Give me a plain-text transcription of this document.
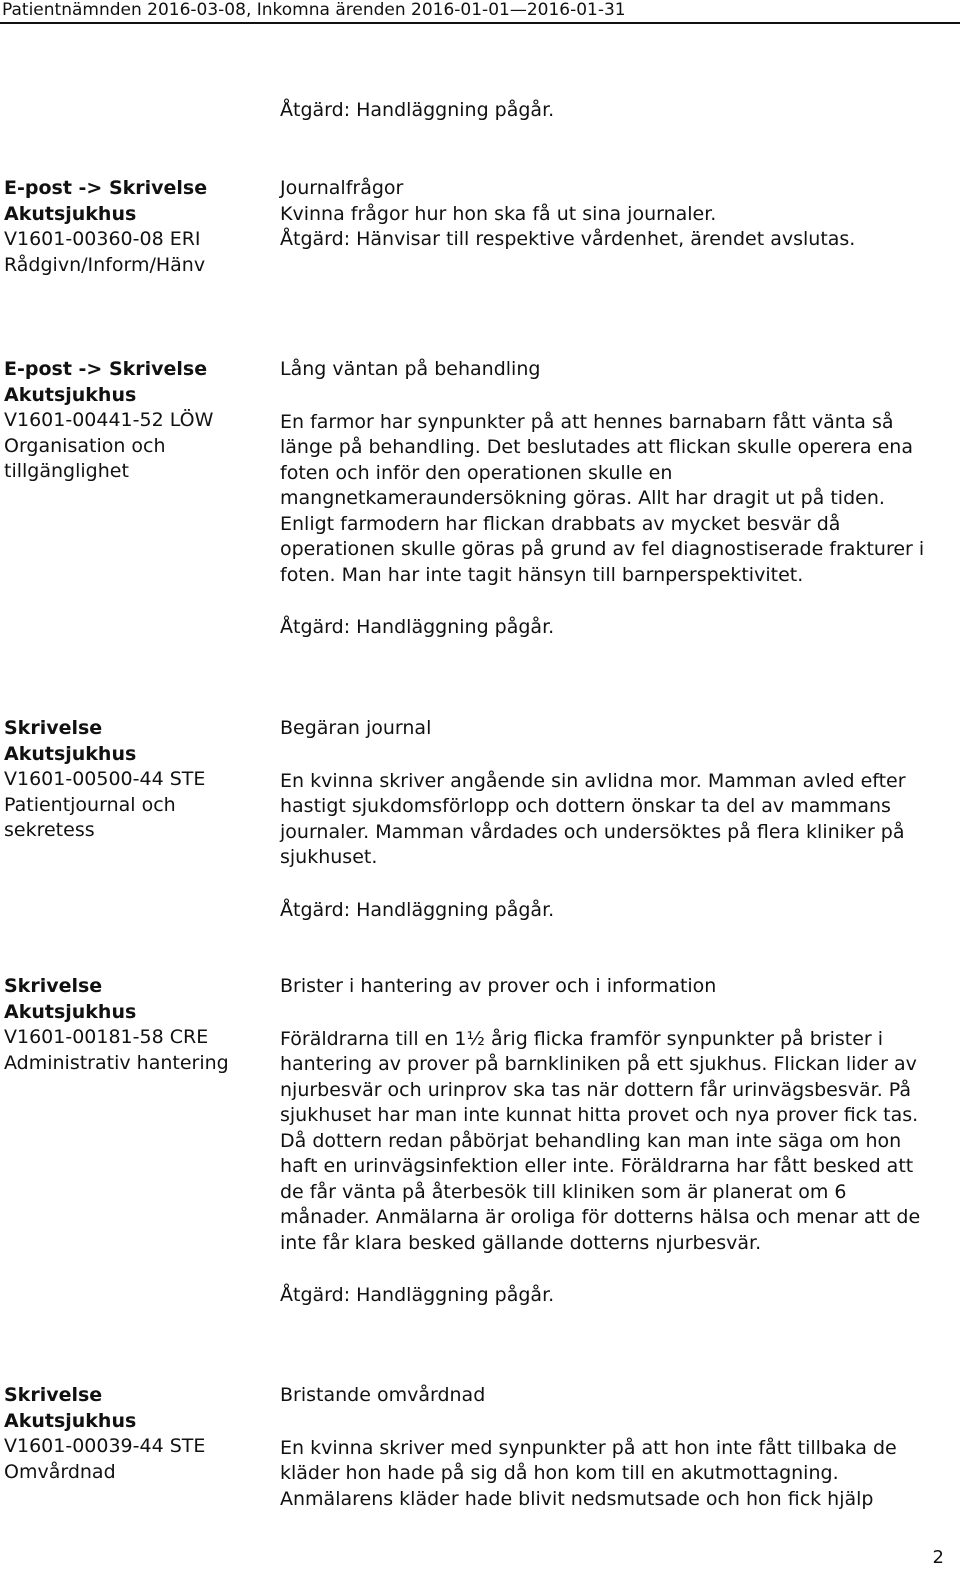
Patientnämnden 2016-03-08, Inkomna ärenden 2016-01-01—2016-01-31
Åtgärd: Handläggning pågår.
E-post -> Skrivelse
Akutsjukhus
V1601-00360-08 ERI
Rådgivn/Inform/Hänv

Journalfrågor

Kvinna frågor hur hon ska få ut sina journaler.

Åtgärd: Hänvisar till respektive vårdenhet, ärendet avslutas.

E-post -> Skrivelse
Akutsjukhus
V1601-00441-52 LÖW
Organisation och tillgänglighet

Lång väntan på behandling

En farmor har synpunkter på att hennes barnabarn fått vänta så länge på behandling. Det beslutades att flickan skulle operera ena foten och inför den operationen skulle en mangnetkameraundersökning göras. Allt har dragit ut på tiden. Enligt farmodern har flickan drabbats av mycket besvär då operationen skulle göras på grund av fel diagnostiserade frakturer i foten. Man har inte tagit hänsyn till barnperspektivitet.

Åtgärd: Handläggning pågår.

Skrivelse
Akutsjukhus
V1601-00500-44 STE
Patientjournal och sekretess

Begäran journal

En kvinna skriver angående sin avlidna mor. Mamman avled efter hastigt sjukdomsförlopp och dottern önskar ta del av mammans journaler. Mamman vårdades och undersöktes på flera kliniker på sjukhuset.

Åtgärd: Handläggning pågår.

Skrivelse
Akutsjukhus
V1601-00181-58 CRE
Administrativ hantering

Brister i hantering av prover och i information

Föräldrarna till en 1½ årig flicka framför synpunkter på brister i hantering av prover på barnkliniken på ett sjukhus. Flickan lider av njurbesvär och urinprov ska tas när dottern får urinvägsbesvär. På sjukhuset har man inte kunnat hitta provet och nya prover fick tas. Då dottern redan påbörjat behandling kan man inte säga om hon haft en urinvägsinfektion eller inte. Föräldrarna har fått besked att de får vänta på återbesök till kliniken som är planerat om 6 månader. Anmälarna är oroliga för dotterns hälsa och menar att de inte får klara besked gällande dotterns njurbesvär.

Åtgärd: Handläggning pågår.

Skrivelse
Akutsjukhus
V1601-00039-44 STE
Omvårdnad

Bristande omvårdnad

En kvinna skriver med synpunkter på att hon inte fått tillbaka de kläder hon hade på sig då hon kom till en akutmottagning. Anmälarens kläder hade blivit nedsmutsade och hon fick hjälp

2
